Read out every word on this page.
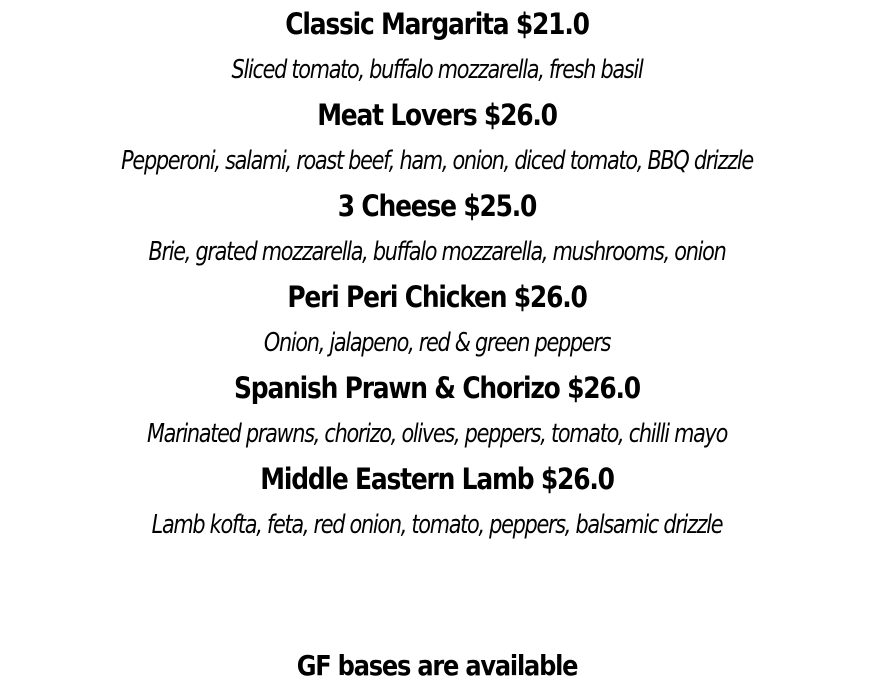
Classic Margarita $21.0
Sliced tomato, buffalo mozzarella, fresh basil
Meat Lovers $26.0
Pepperoni, salami, roast beef, ham, onion, diced tomato, BBQ drizzle
3 Cheese $25.0
Brie, grated mozzarella, buffalo mozzarella, mushrooms, onion
Peri Peri Chicken $26.0
Onion, jalapeno, red & green peppers
Spanish Prawn & Chorizo $26.0
Marinated prawns, chorizo, olives, peppers, tomato, chilli mayo
Middle Eastern Lamb $26.0
Lamb kofta, feta, red onion, tomato, peppers, balsamic drizzle
GF bases are available
